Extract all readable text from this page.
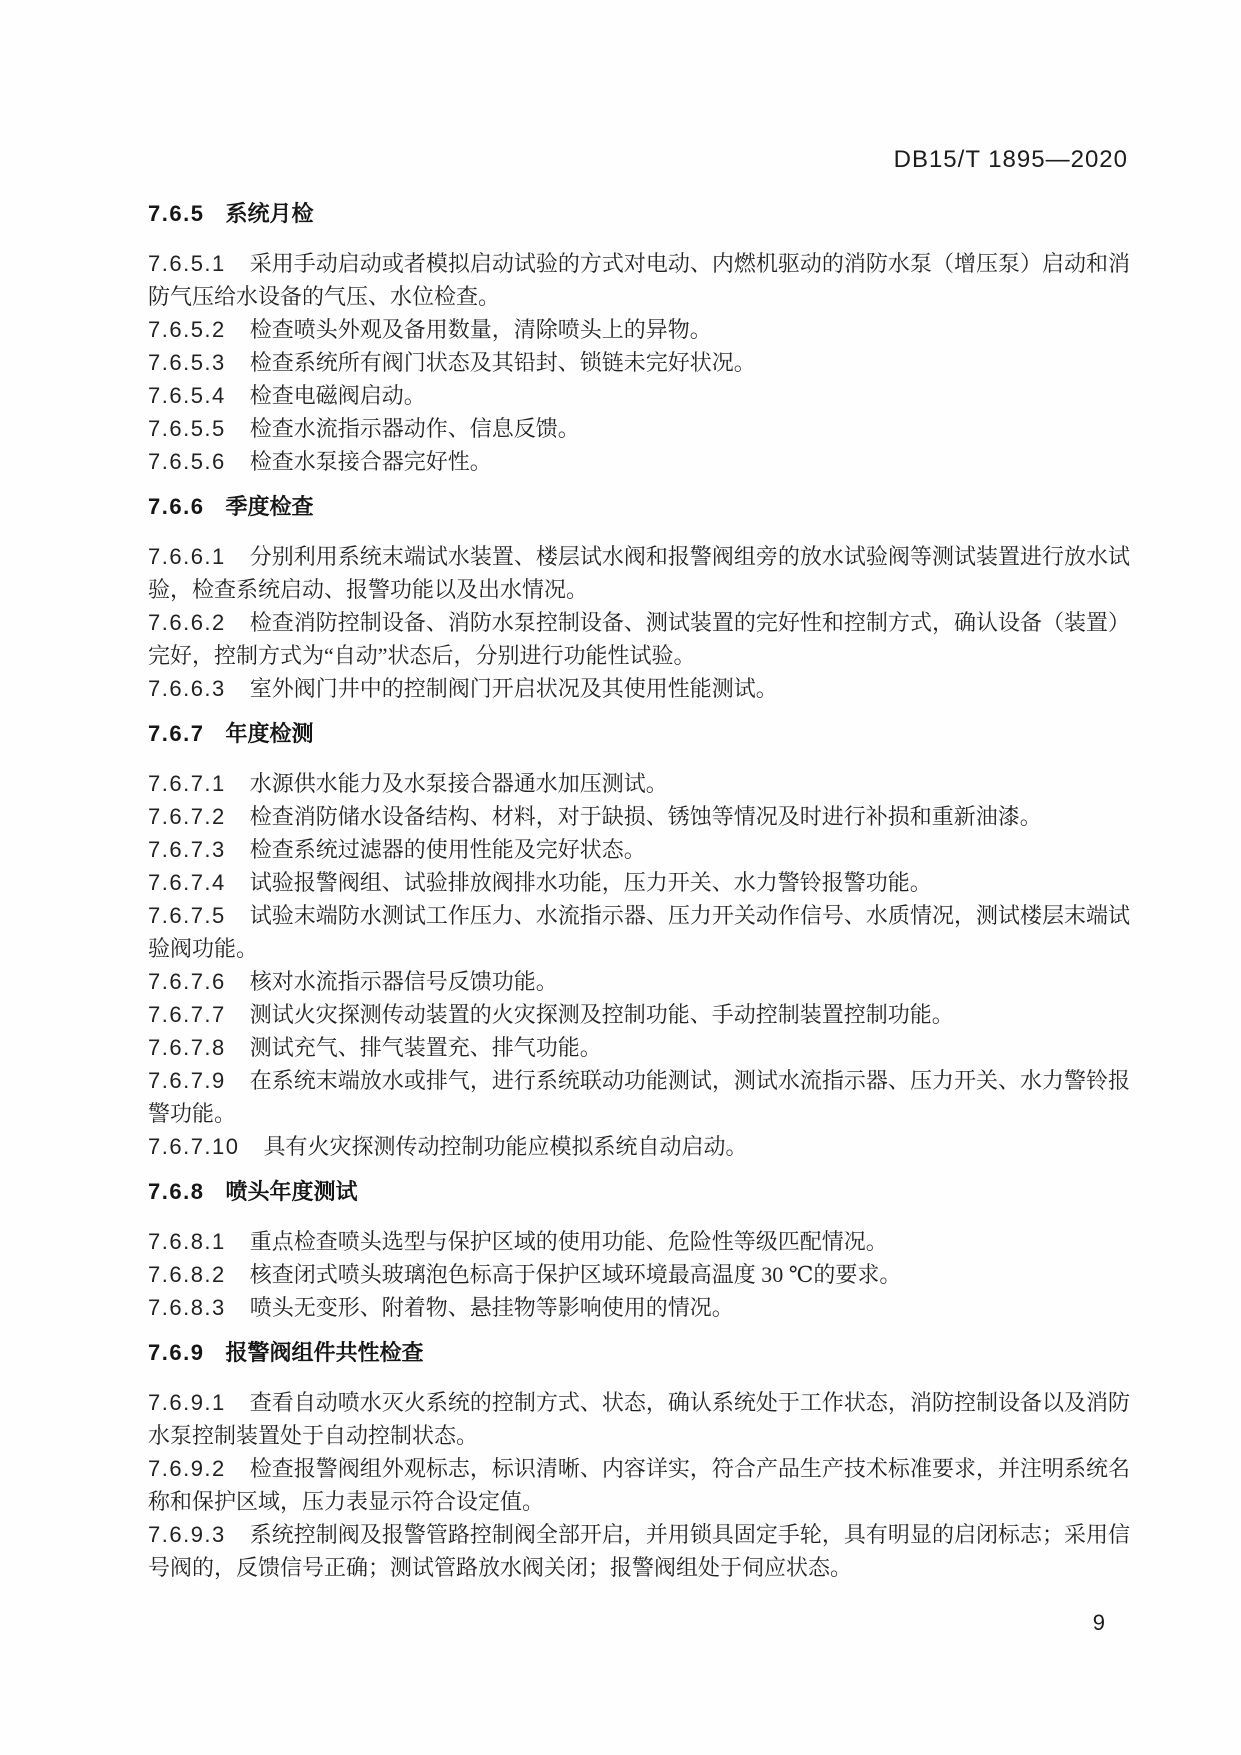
DB15/T 1895—2020
7.6.5 系统月检

7.6.5.1 采用手动启动或者模拟启动试验的方式对电动、内燃机驱动的消防水泵（增压泵）启动和消防气压给水设备的气压、水位检查。

7.6.5.2 检查喷头外观及备用数量，清除喷头上的异物。

7.6.5.3 检查系统所有阀门状态及其铅封、锁链未完好状况。

7.6.5.4 检查电磁阀启动。

7.6.5.5 检查水流指示器动作、信息反馈。

7.6.5.6 检查水泵接合器完好性。

7.6.6 季度检查

7.6.6.1 分别利用系统末端试水装置、楼层试水阀和报警阀组旁的放水试验阀等测试装置进行放水试验，检查系统启动、报警功能以及出水情况。

7.6.6.2 检查消防控制设备、消防水泵控制设备、测试装置的完好性和控制方式，确认设备（装置）完好，控制方式为“自动”状态后，分别进行功能性试验。

7.6.6.3 室外阀门井中的控制阀门开启状况及其使用性能测试。

7.6.7 年度检测

7.6.7.1 水源供水能力及水泵接合器通水加压测试。

7.6.7.2 检查消防储水设备结构、材料，对于缺损、锈蚀等情况及时进行补损和重新油漆。

7.6.7.3 检查系统过滤器的使用性能及完好状态。

7.6.7.4 试验报警阀组、试验排放阀排水功能，压力开关、水力警铃报警功能。

7.6.7.5 试验末端防水测试工作压力、水流指示器、压力开关动作信号、水质情况，测试楼层末端试验阀功能。

7.6.7.6 核对水流指示器信号反馈功能。

7.6.7.7 测试火灾探测传动装置的火灾探测及控制功能、手动控制装置控制功能。

7.6.7.8 测试充气、排气装置充、排气功能。

7.6.7.9 在系统末端放水或排气，进行系统联动功能测试，测试水流指示器、压力开关、水力警铃报警功能。

7.6.7.10 具有火灾探测传动控制功能应模拟系统自动启动。

7.6.8 喷头年度测试

7.6.8.1 重点检查喷头选型与保护区域的使用功能、危险性等级匹配情况。

7.6.8.2 核查闭式喷头玻璃泡色标高于保护区域环境最高温度 30 ℃的要求。

7.6.8.3 喷头无变形、附着物、悬挂物等影响使用的情况。

7.6.9 报警阀组件共性检查

7.6.9.1 查看自动喷水灭火系统的控制方式、状态，确认系统处于工作状态，消防控制设备以及消防水泵控制装置处于自动控制状态。

7.6.9.2 检查报警阀组外观标志，标识清晰、内容详实，符合产品生产技术标准要求，并注明系统名称和保护区域，压力表显示符合设定值。

7.6.9.3 系统控制阀及报警管路控制阀全部开启，并用锁具固定手轮，具有明显的启闭标志；采用信号阀的，反馈信号正确；测试管路放水阀关闭；报警阀组处于伺应状态。

9
